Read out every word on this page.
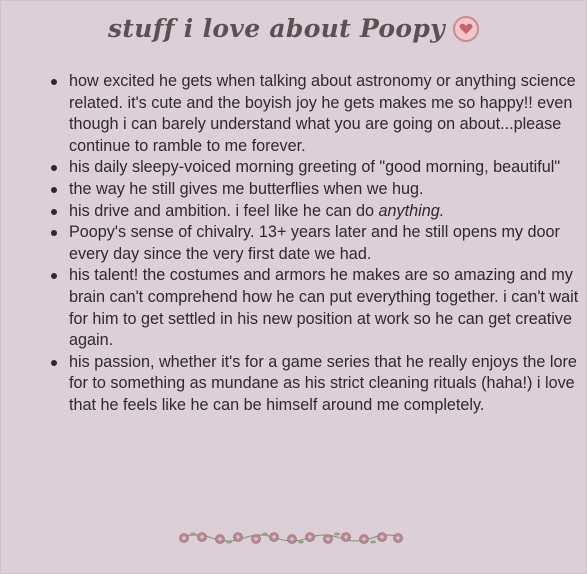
stuff i love about Poopy
how excited he gets when talking about astronomy or anything science related. it's cute and the boyish joy he gets makes me so happy!! even though i can barely understand what you are going on about...please continue to ramble to me forever.
his daily sleepy-voiced morning greeting of "good morning, beautiful"
the way he still gives me butterflies when we hug.
his drive and ambition. i feel like he can do anything.
Poopy's sense of chivalry. 13+ years later and he still opens my door every day since the very first date we had.
his talent! the costumes and armors he makes are so amazing and my brain can't comprehend how he can put everything together. i can't wait for him to get settled in his new position at work so he can get creative again.
his passion, whether it's for a game series that he really enjoys the lore for to something as mundane as his strict cleaning rituals (haha!) i love that he feels like he can be himself around me completely.
